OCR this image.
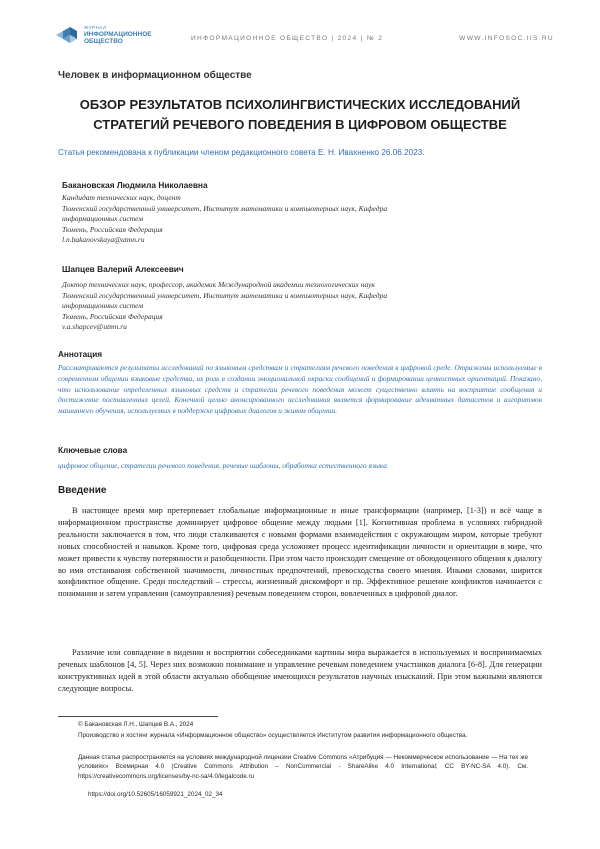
ЖУРНАЛ
ИНФОРМАЦИОННОЕ
ОБЩЕСТВО	ИНФОРМАЦИОННОЕ ОБЩЕСТВО | 2024 | № 2	WWW.INFOSOC.IIS.RU
Человек в информационном обществе
ОБЗОР РЕЗУЛЬТАТОВ ПСИХОЛИНГВИСТИЧЕСКИХ ИССЛЕДОВАНИЙ
СТРАТЕГИЙ РЕЧЕВОГО ПОВЕДЕНИЯ В ЦИФРОВОМ ОБЩЕСТВЕ
Статья рекомендована к публикации членом редакционного совета Е. Н. Ивахненко 26.06.2023.
Бакановская Людмила Николаевна
Кандидат технических наук, доцент
Тюменский государственный университет, Институт математики и компьютерных наук, Кафедра
информационных систем
Тюмень, Российская Федерация
l.n.bakanovskaya@utmn.ru
Шапцев Валерий Алексеевич
Доктор технических наук, профессор, академик Международной академии технологических наук
Тюменский государственный университет, Институт математики и компьютерных наук, Кафедра
информационных систем
Тюмень, Российская Федерация
v.a.shapcev@utmn.ru
Аннотация
Рассматриваются результаты исследований по языковым средствам и стратегиям речевого поведения в цифровой среде. Отражены используемые в современном общении языковые средства, их роль в создании эмоциональной окраски сообщений и формировании ценностных ориентаций. Показано, что использование определенных языковых средств и стратегии речевого поведения может существенно влиять на восприятие сообщения и достижение поставленных целей. Конечной целью анонсированного исследования является формирование адекватных датасетов и алгоритмов машинного обучения, используемых в поддержке цифровых диалогов и живом общении.
Ключевые слова
цифровое общение, стратегии речевого поведения, речевые шаблоны, обработка естественного языка
Введение

В настоящее время мир претерпевает глобальные информационные и иные трансформации (например, [1-3]) и всё чаще в информационном пространстве доминирует цифровое общение между людьми [1]. Когнитивная проблема в условиях гибридной реальности заключается в том, что люди сталкиваются с новыми формами взаимодействия с окружающим миром, которые требуют новых способностей и навыков. Кроме того, цифровая среда усложняет процесс идентификации личности и ориентации в мире, что может привести к чувству потерянности и разобщенности. При этом часто происходит смещение от обоюдоценного общения к диалогу во имя отстаивания собственной значимости, личностных предпочтений, превосходства своего мнения. Иными словами, ширится конфликтное общение. Среди последствий – стрессы, жизненный дискомфорт и пр. Эффективное решение конфликтов начинается с понимания и затем управления (самоуправления) речевым поведением сторон, вовлеченных в цифровой диалог.

Различие или совпадение в видении и восприятии собеседниками картины мира выражается в используемых и воспринимаемых речевых шаблонов [4, 5]. Через них возможно понимание и управление речевым поведением участников диалога [6-8]. Для генерации конструктивных идей в этой области актуально обобщение имеющихся результатов научных изысканий. При этом важными являются следующие вопросы.

© Бакановская Л.Н., Шапцев В.А., 2024
Производство и хостинг журнала «Информационное общество» осуществляется Институтом развития информационного общества.
Данная статья распространяется на условиях международной лицензии Creative Commons «Атрибуция — Некоммерческое использование — На тех же условиях» Всемирная 4.0 (Creative Commons Attribution – NonCommercial - ShareAlike 4.0 International; CC BY-NC-SA 4.0). См. https://creativecommons.org/licenses/by-nc-sa/4.0/legalcode.ru
https://doi.org/10.52605/16059921_2024_02_34
